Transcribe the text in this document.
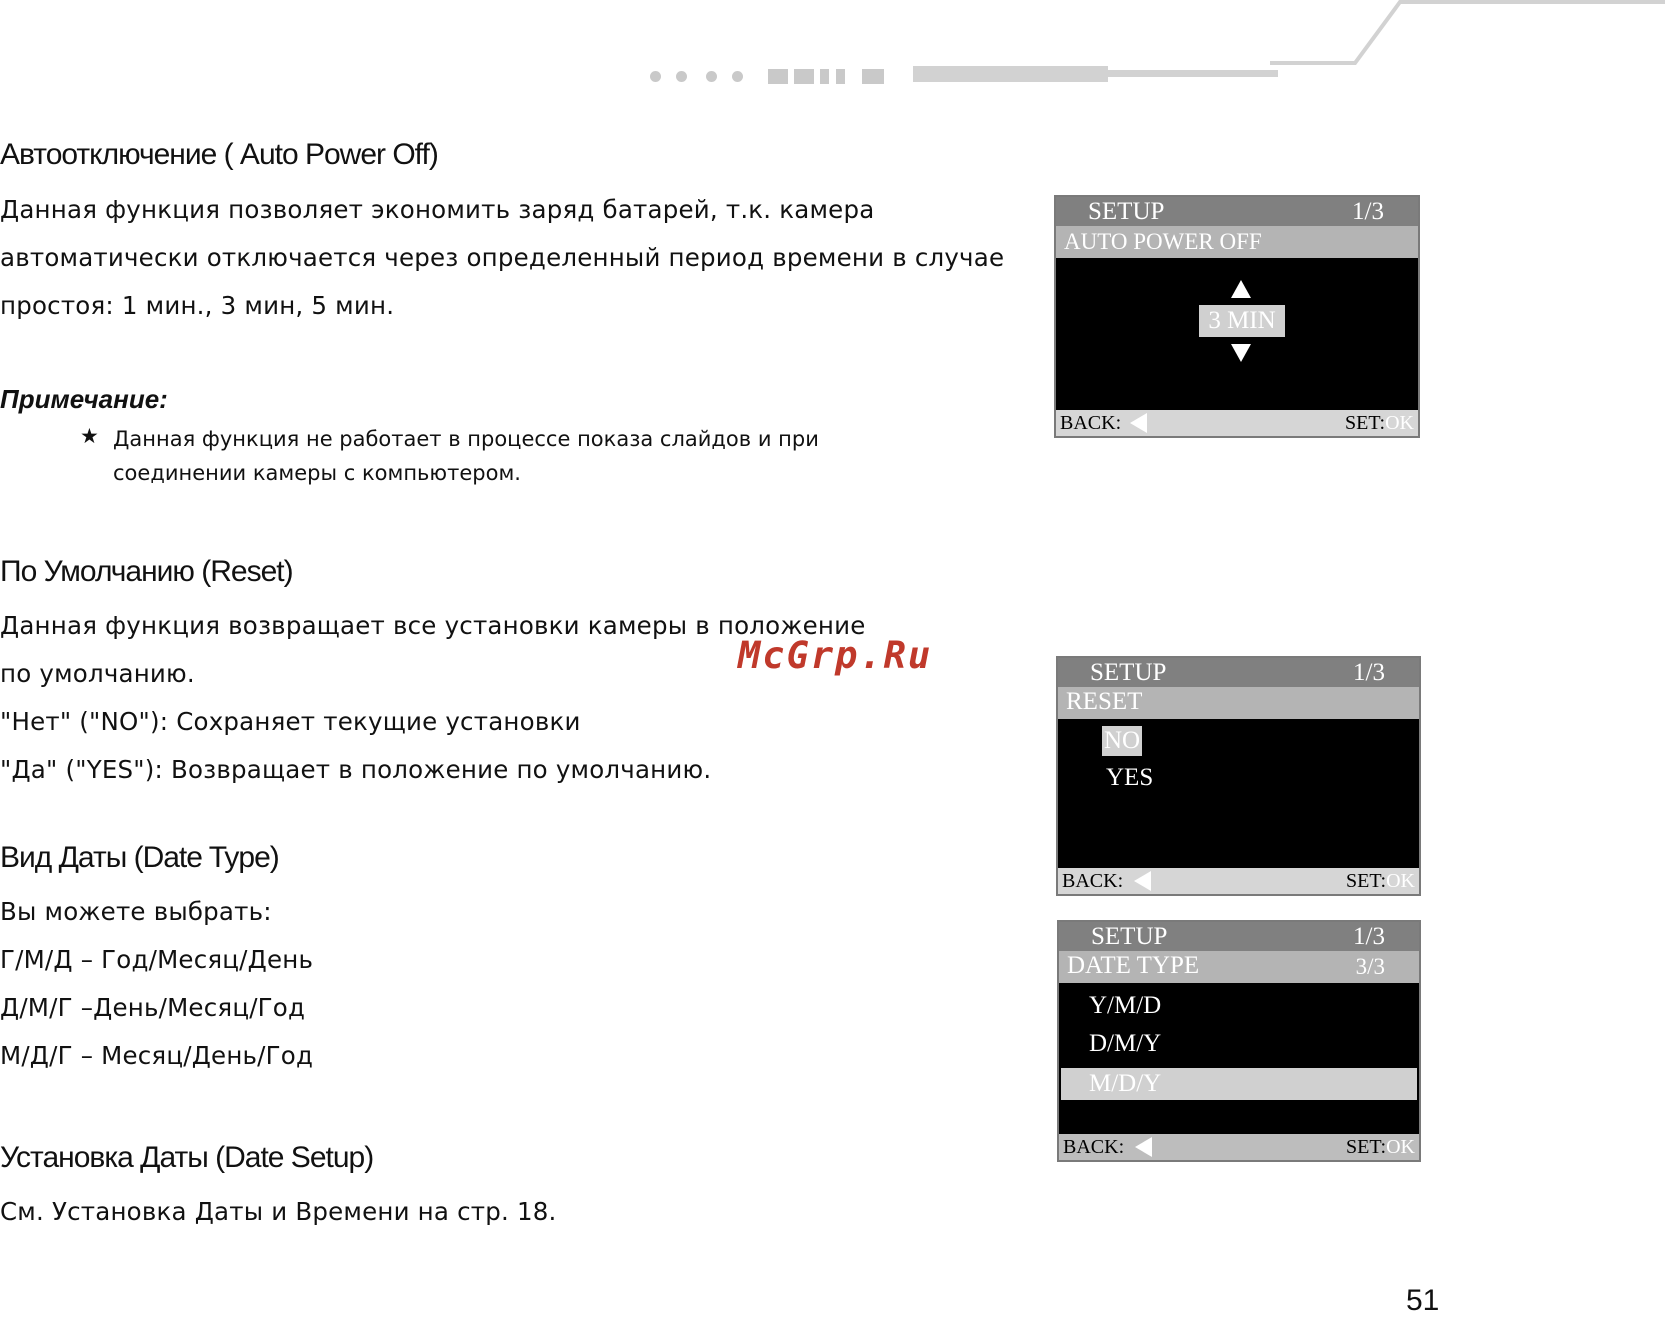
Автоотключение ( Auto Power Off)
Данная функция позволяет экономить заряд батарей, т.к. камера
автоматически отключается через определенный период времени в случае
простоя: 1 мин., 3 мин, 5 мин.
Примечание:
★ Данная функция не работает в процессе показа слайдов и при
соединении камеры с компьютером.
По Умолчанию (Reset)
Данная функция возвращает все установки камеры в положение
по умолчанию.
"Нет" ("NO"): Сохраняет текущие установки
"Да" ("YES"): Возвращает в положение по умолчанию.
Вид Даты (Date Type)
Вы можете выбрать:
Г/М/Д – Год/Месяц/День
Д/М/Г –День/Месяц/Год
М/Д/Г – Месяц/День/Год
Установка Даты (Date Setup)
См. Установка Даты и Времени на стр. 18.
McGrp.Ru
51
SETUP	1/3
AUTO POWER OFF
3 MIN
BACK:	SET:OK
SETUP	1/3
RESET
NO
YES
BACK:	SET:OK
SETUP	1/3
DATE TYPE	3/3
Y/M/D
D/M/Y
M/D/Y
BACK:	SET:OK
